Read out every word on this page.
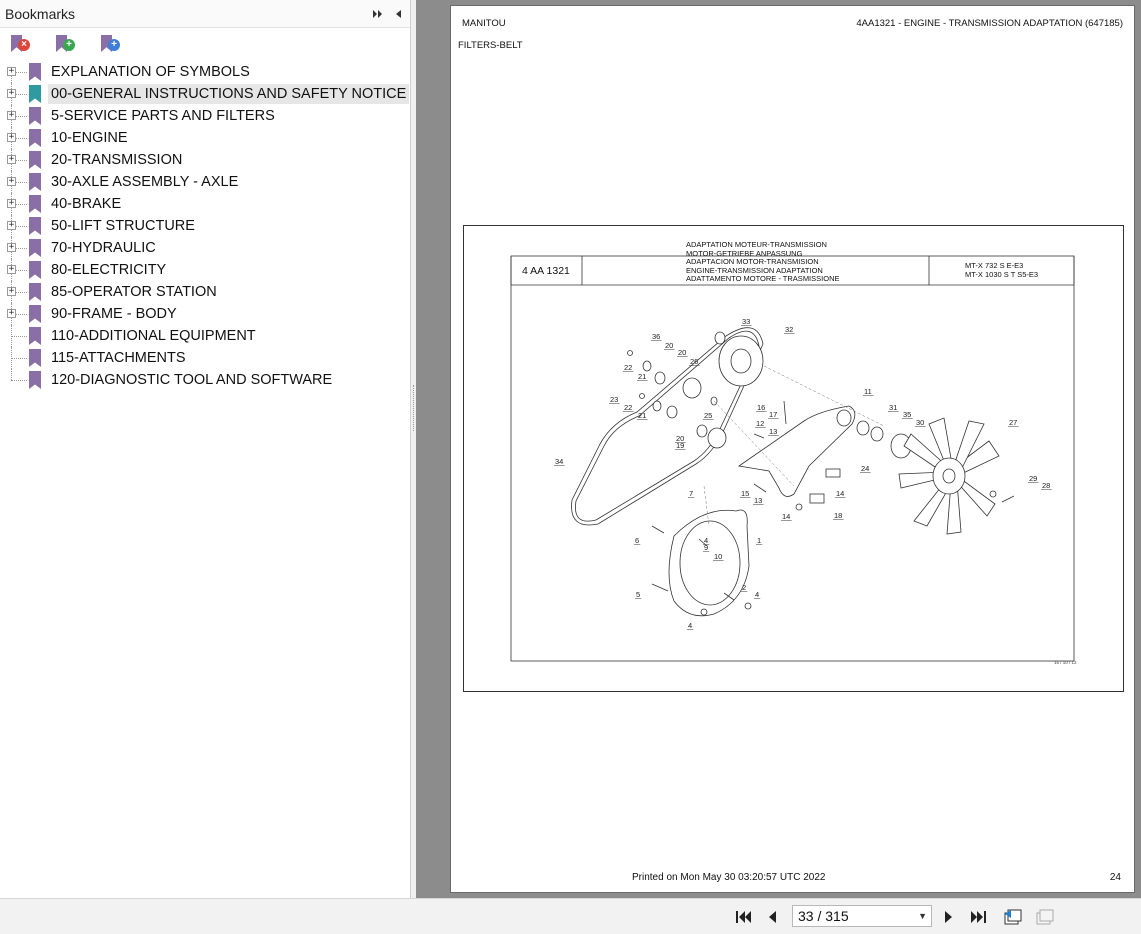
Bookmarks
×	+	+
+	EXPLANATION OF SYMBOLS
+	00-GENERAL INSTRUCTIONS AND SAFETY NOTICE
+	5-SERVICE PARTS AND FILTERS
+	10-ENGINE
+	20-TRANSMISSION
+	30-AXLE ASSEMBLY - AXLE
+	40-BRAKE
+	50-LIFT STRUCTURE
+	70-HYDRAULIC
+	80-ELECTRICITY
+	85-OPERATOR STATION
+	90-FRAME - BODY
110-ADDITIONAL EQUIPMENT
115-ATTACHMENTS
120-DIAGNOSTIC TOOL AND SOFTWARE
MANITOU	4AA1321 - ENGINE - TRANSMISSION ADAPTATION (647185)
FILTERS-BELT
33
32
36
20
20
26
22
21
11
23
22
21	25
16
17
31
35
30	27
12
13
20
19
34
24
7	15
13
14
29
28
14	18
4
9
1
6
10
2
4
5
4
ADAPTATION MOTEUR-TRANSMISSION
MOTOR-GETRIEBE ANPASSUNG
ADAPTACION MOTOR-TRANSMISION
ENGINE-TRANSMISSION ADAPTATION
ADATTAMENTO MOTORE - TRASMISSIONE
4 AA 1321	MT-X 732 S E-E3
MT-X 1030 S T S5-E3
16 / 10 / 12
Printed on Mon May 30 03:20:57 UTC 2022	24
33 / 315	▼
